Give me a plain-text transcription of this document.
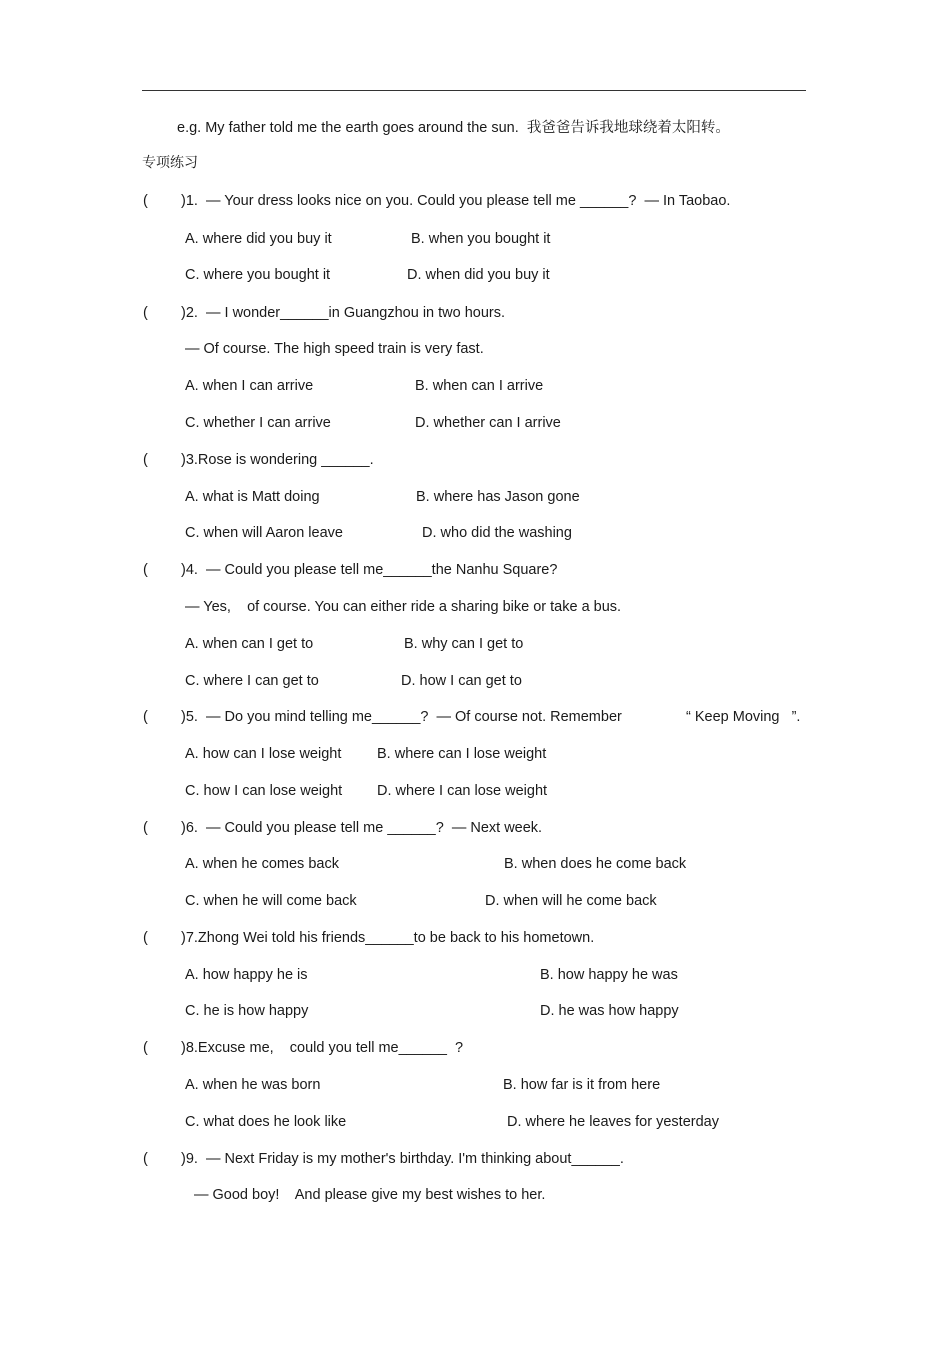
e.g. My father told me the earth goes around the sun.  我爸爸告诉我地球绕着太阳转。
专项练习
( )1.  — Your dress looks nice on you. Could you please tell me ______?  — In Taobao.
A. where did you buy it	B. when you bought it
C. where you bought it	D. when did you buy it
( )2.  — I wonder______in Guangzhou in two hours.
— Of course. The high speed train is very fast.
A. when I can arrive	B. when can I arrive
C. whether I can arrive	D. whether can I arrive
( )3.Rose is wondering ______.
A. what is Matt doing	B. where has Jason gone
C. when will Aaron leave	D. who did the washing
( )4.  — Could you please tell me______the Nanhu Square?
— Yes,    of course. You can either ride a sharing bike or take a bus.
A. when can I get to	B. why can I get to
C. where I can get to	D. how I can get to
( )5.  — Do you mind telling me______?  — Of course not. Remember	“ Keep Moving   ”.
A. how can I lose weight B. where can I lose weight
C. how I can lose weight D. where I can lose weight
( )6.  — Could you please tell me ______?  — Next week.
A. when he comes back	B. when does he come back
C. when he will come back	D. when will he come back
( )7.Zhong Wei told his friends______to be back to his hometown.
A. how happy he is	B. how happy he was
C. he is how happy	D. he was how happy
( )8.Excuse me,    could you tell me______  ?
A. when he was born	B. how far is it from here
C. what does he look like	D. where he leaves for yesterday
( )9.  — Next Friday is my mother's birthday. I'm thinking about______.
— Good boy!    And please give my best wishes to her.
